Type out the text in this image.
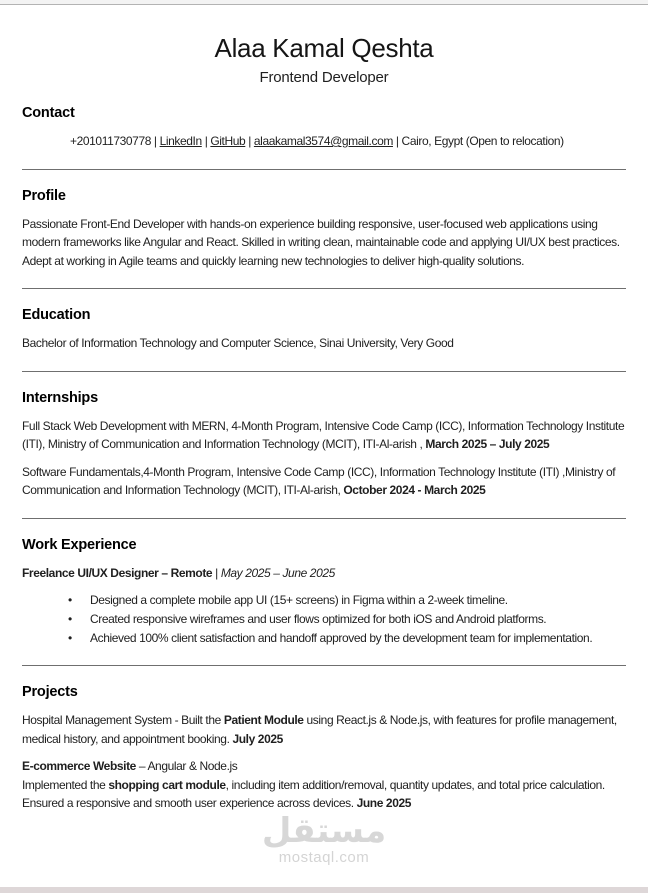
Alaa Kamal Qeshta
Frontend Developer
Contact

+201011730778 | LinkedIn | GitHub | alaakamal3574@gmail.com | Cairo, Egypt (Open to relocation)

Profile

Passionate Front-End Developer with hands-on experience building responsive, user-focused web applications using modern frameworks like Angular and React. Skilled in writing clean, maintainable code and applying UI/UX best practices. Adept at working in Agile teams and quickly learning new technologies to deliver high-quality solutions.

Education

Bachelor of Information Technology and Computer Science, Sinai University, Very Good

Internships

Full Stack Web Development with MERN, 4-Month Program, Intensive Code Camp (ICC), Information Technology Institute (ITI), Ministry of Communication and Information Technology (MCIT), ITI-Al-arish , March 2025 – July 2025

Software Fundamentals,4-Month Program, Intensive Code Camp (ICC), Information Technology Institute (ITI) ,Ministry of Communication and Information Technology (MCIT), ITI-Al-arish, October 2024 - March 2025

Work Experience

Freelance UI/UX Designer – Remote | May 2025 – June 2025

• Designed a complete mobile app UI (15+ screens) in Figma within a 2-week timeline.
• Created responsive wireframes and user flows optimized for both iOS and Android platforms.
• Achieved 100% client satisfaction and handoff approved by the development team for implementation.
Projects

Hospital Management System - Built the Patient Module using React.js & Node.js, with features for profile management, medical history, and appointment booking. July 2025

E-commerce Website – Angular & Node.js

Implemented the shopping cart module, including item addition/removal, quantity updates, and total price calculation. Ensured a responsive and smooth user experience across devices. June 2025

مستقل
mostaql.com
